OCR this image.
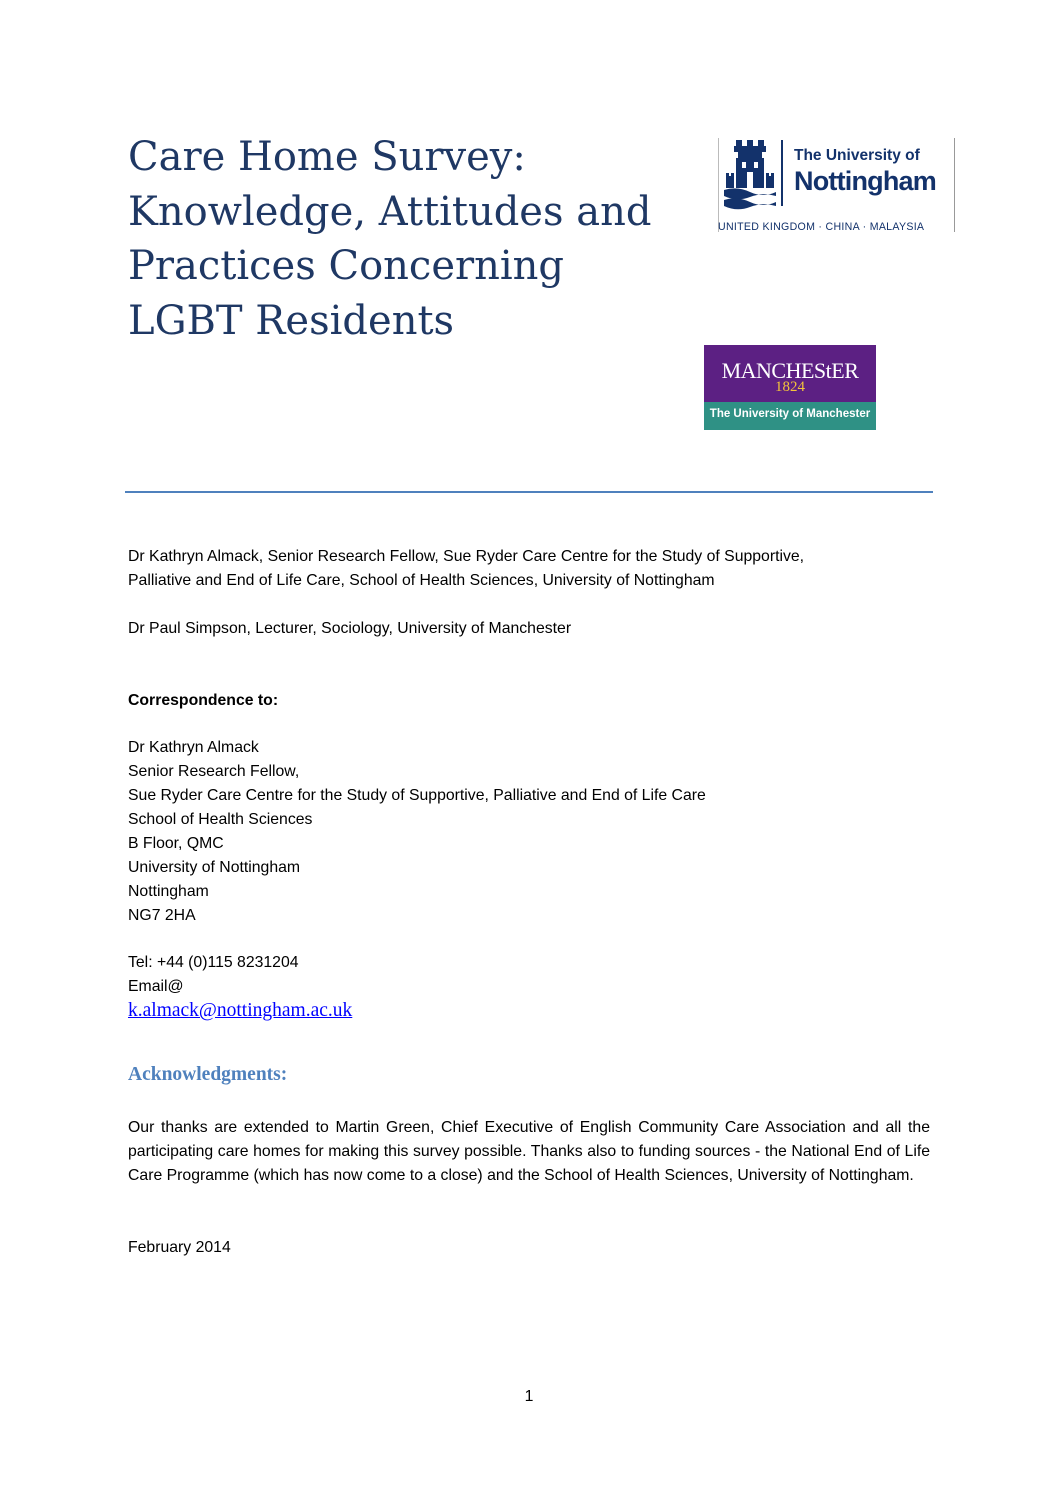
Care Home Survey:
Knowledge, Attitudes and
Practices Concerning
LGBT Residents
The University of
Nottingham
UNITED KINGDOM · CHINA · MALAYSIA
MANCHEStER
1824
The University of Manchester
Dr Kathryn Almack, Senior Research Fellow, Sue Ryder Care Centre for the Study of Supportive,
Palliative and End of Life Care, School of Health Sciences, University of Nottingham
Dr Paul Simpson, Lecturer, Sociology, University of Manchester
Correspondence to:
Dr Kathryn Almack
Senior Research Fellow,
Sue Ryder Care Centre for the Study of Supportive, Palliative and End of Life Care
School of Health Sciences
B Floor, QMC
University of Nottingham
Nottingham
NG7 2HA
Tel: +44 (0)115 8231204
Email@
k.almack@nottingham.ac.uk
Acknowledgments:

Our thanks are extended to Martin Green, Chief Executive of English Community Care Association and all the participating care homes for making this survey possible. Thanks also to funding sources - the National End of Life Care Programme (which has now come to a close) and the School of Health Sciences, University of Nottingham.

February 2014
1
